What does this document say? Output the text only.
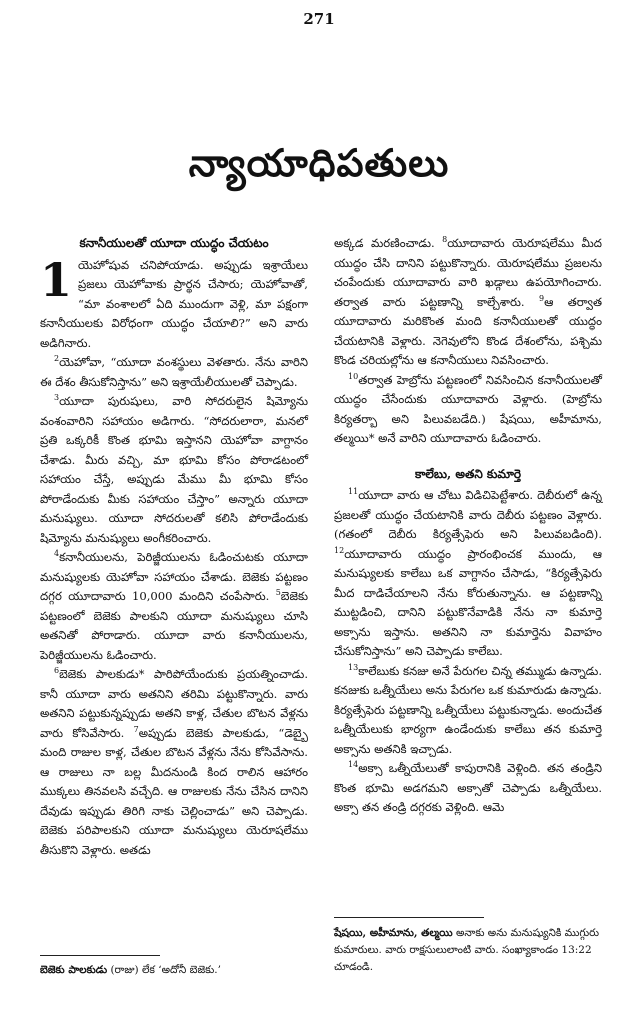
271
న్యాయాధిపతులు
కనానీయులతో యూదా యుద్ధం చేయటం

1 యెహోషువ చనిపోయాడు. అప్పుడు ఇశ్రాయేలు ప్రజలు యెహోవాకు ప్రార్థన చేసారు; యెహోవాతో, “మా వంశాలలో ఏది ముందుగా వెళ్లి, మా పక్షంగా కనానీయులకు విరోధంగా యుద్ధం చేయాలి?” అని వారు అడిగినారు.

$^2$యెహోవా, “యూదా వంశస్థులు వెళతారు. నేను వారిని ఈ దేశం తీసుకోనిస్తాను” అని ఇశ్రాయేలీయులతో చెప్పాడు.

$^3$యూదా పురుషులు, వారి సోదరులైన షిమ్యోను వంశంవారిని సహాయం అడిగారు. “సోదరులారా, మనలో ప్రతి ఒక్కరికీ కొంత భూమి ఇస్తానని యెహోవా వాగ్దానం చేశాడు. మీరు వచ్చి, మా భూమి కోసం పోరాడటంలో సహాయం చేస్తే, అప్పుడు మేము మీ భూమి కోసం పోరాడేందుకు మీకు సహాయం చేస్తాం” అన్నారు యూదా మనుష్యులు. యూదా సోదరులతో కలిసి పోరాడేందుకు షిమ్యోను మనుష్యులు అంగీకరించారు.

$^4$కనానీయులను, పెరిజ్జీయులను ఓడించుటకు యూదా మనుష్యులకు యెహోవా సహాయం చేశాడు. బెజెకు పట్టణం దగ్గర యూదావారు 10,000 మందిని చంపేసారు. $^5$బెజెకు పట్టణంలో బెజెకు పాలకుని యూదా మనుష్యులు చూసి అతనితో పోరాడారు. యూదా వారు కనానీయులను, పెరిజ్జీయులను ఓడించారు.

$^6$బెజెకు పాలకుడు* పారిపోయేందుకు ప్రయత్నించాడు. కానీ యూదా వారు అతనిని తరిమి పట్టుకొన్నారు. వారు అతనిని పట్టుకున్నప్పుడు అతని కాళ్ల, చేతుల బొటన వేళ్లను వారు కోసివేసారు. $^7$అప్పుడు బెజెకు పాలకుడు, “డెబ్బై మంది రాజుల కాళ్ల, చేతుల బొటన వేళ్లను నేను కోసివేసాను. ఆ రాజులు నా బల్ల మీదనుండి కింద రాలిన ఆహారం ముక్కలు తినవలసి వచ్చేది. ఆ రాజులకు నేను చేసిన దానిని దేవుడు ఇప్పుడు తిరిగి నాకు చెల్లించాడు” అని చెప్పాడు. బెజెకు పరిపాలకుని యూదా మనుష్యులు యెరూషలేము తీసుకొని వెళ్లారు. అతడు

అక్కడ మరణించాడు. $^8$యూదావారు యెరూషలేము మీద యుద్ధం చేసి దానిని పట్టుకొన్నారు. యెరూషలేము ప్రజలను చంపేందుకు యూదావారు వారి ఖడ్గాలు ఉపయోగించారు. తర్వాత వారు పట్టణాన్ని కాల్చేశారు. $^9$ఆ తర్వాత యూదావారు మరికొంత మంది కనానీయులతో యుద్ధం చేయటానికి వెళ్లారు. నెగెవులోని కొండ దేశంలోను, పశ్చిమ కొండ చరియల్లోను ఆ కనానీయులు నివసించారు.

$^{10}$తర్వాత హెబ్రోను పట్టణంలో నివసించిన కనానీయులతో యుద్ధం చేసేందుకు యూదావారు వెళ్లారు. (హెబ్రోను కిర్యతర్బా అని పిలువబడేది.) షేషయి, అహీమాను, తల్మయి* అనే వారిని యూదావారు ఓడించారు.

కాలేబు, అతని కుమార్తె

$^{11}$యూదా వారు ఆ చోటు విడిచిపెట్టేశారు. దెబీరులో ఉన్న ప్రజలతో యుద్ధం చేయటానికి వారు దెబీరు పట్టణం వెళ్లారు. (గతంలో దెబీరు కిర్యత్సేఫెరు అని పిలువబడింది). $^{12}$యూదావారు యుద్ధం ప్రారంభించక ముందు, ఆ మనుష్యులకు కాలేబు ఒక వాగ్దానం చేసాడు, “కిర్యత్సేఫెరు మీద దాడిచేయాలని నేను కోరుతున్నాను. ఆ పట్టణాన్ని ముట్టడించి, దానిని పట్టుకొనేవాడికి నేను నా కుమార్తె అక్సాను ఇస్తాను. అతనిని నా కుమార్తెను వివాహం చేసుకోనిస్తాను” అని చెప్పాడు కాలేబు.

$^{13}$కాలేబుకు కనజు అనే పేరుగల చిన్న తమ్ముడు ఉన్నాడు. కనజుకు ఒత్నీయేలు అను పేరుగల ఒక కుమారుడు ఉన్నాడు. కిర్యత్సేఫెరు పట్టణాన్ని ఒత్నీయేలు పట్టుకున్నాడు. అందుచేత ఒత్నీయేలుకు భార్యగా ఉండేందుకు కాలేబు తన కుమార్తె అక్సాను అతనికి ఇచ్చాడు.

$^{14}$అక్సా ఒత్నీయేలుతో కాపురానికి వెళ్లింది. తన తండ్రిని కొంత భూమి అడగమని అక్సాతో చెప్పాడు ఒత్నీయేలు. అక్సా తన తండ్రి దగ్గరకు వెళ్లింది. ఆమె

బెజెకు పాలకుడు (రాజు) లేక ‘అదోనీ బెజెకు.’
షేషయి, అహీమాను, తల్మయి అనాకు అను మనుష్యునికి ముగ్గురు కుమారులు. వారు రాక్షసులులాంటి వారు. సంఖ్యాకాండం 13:22 చూడండి.
